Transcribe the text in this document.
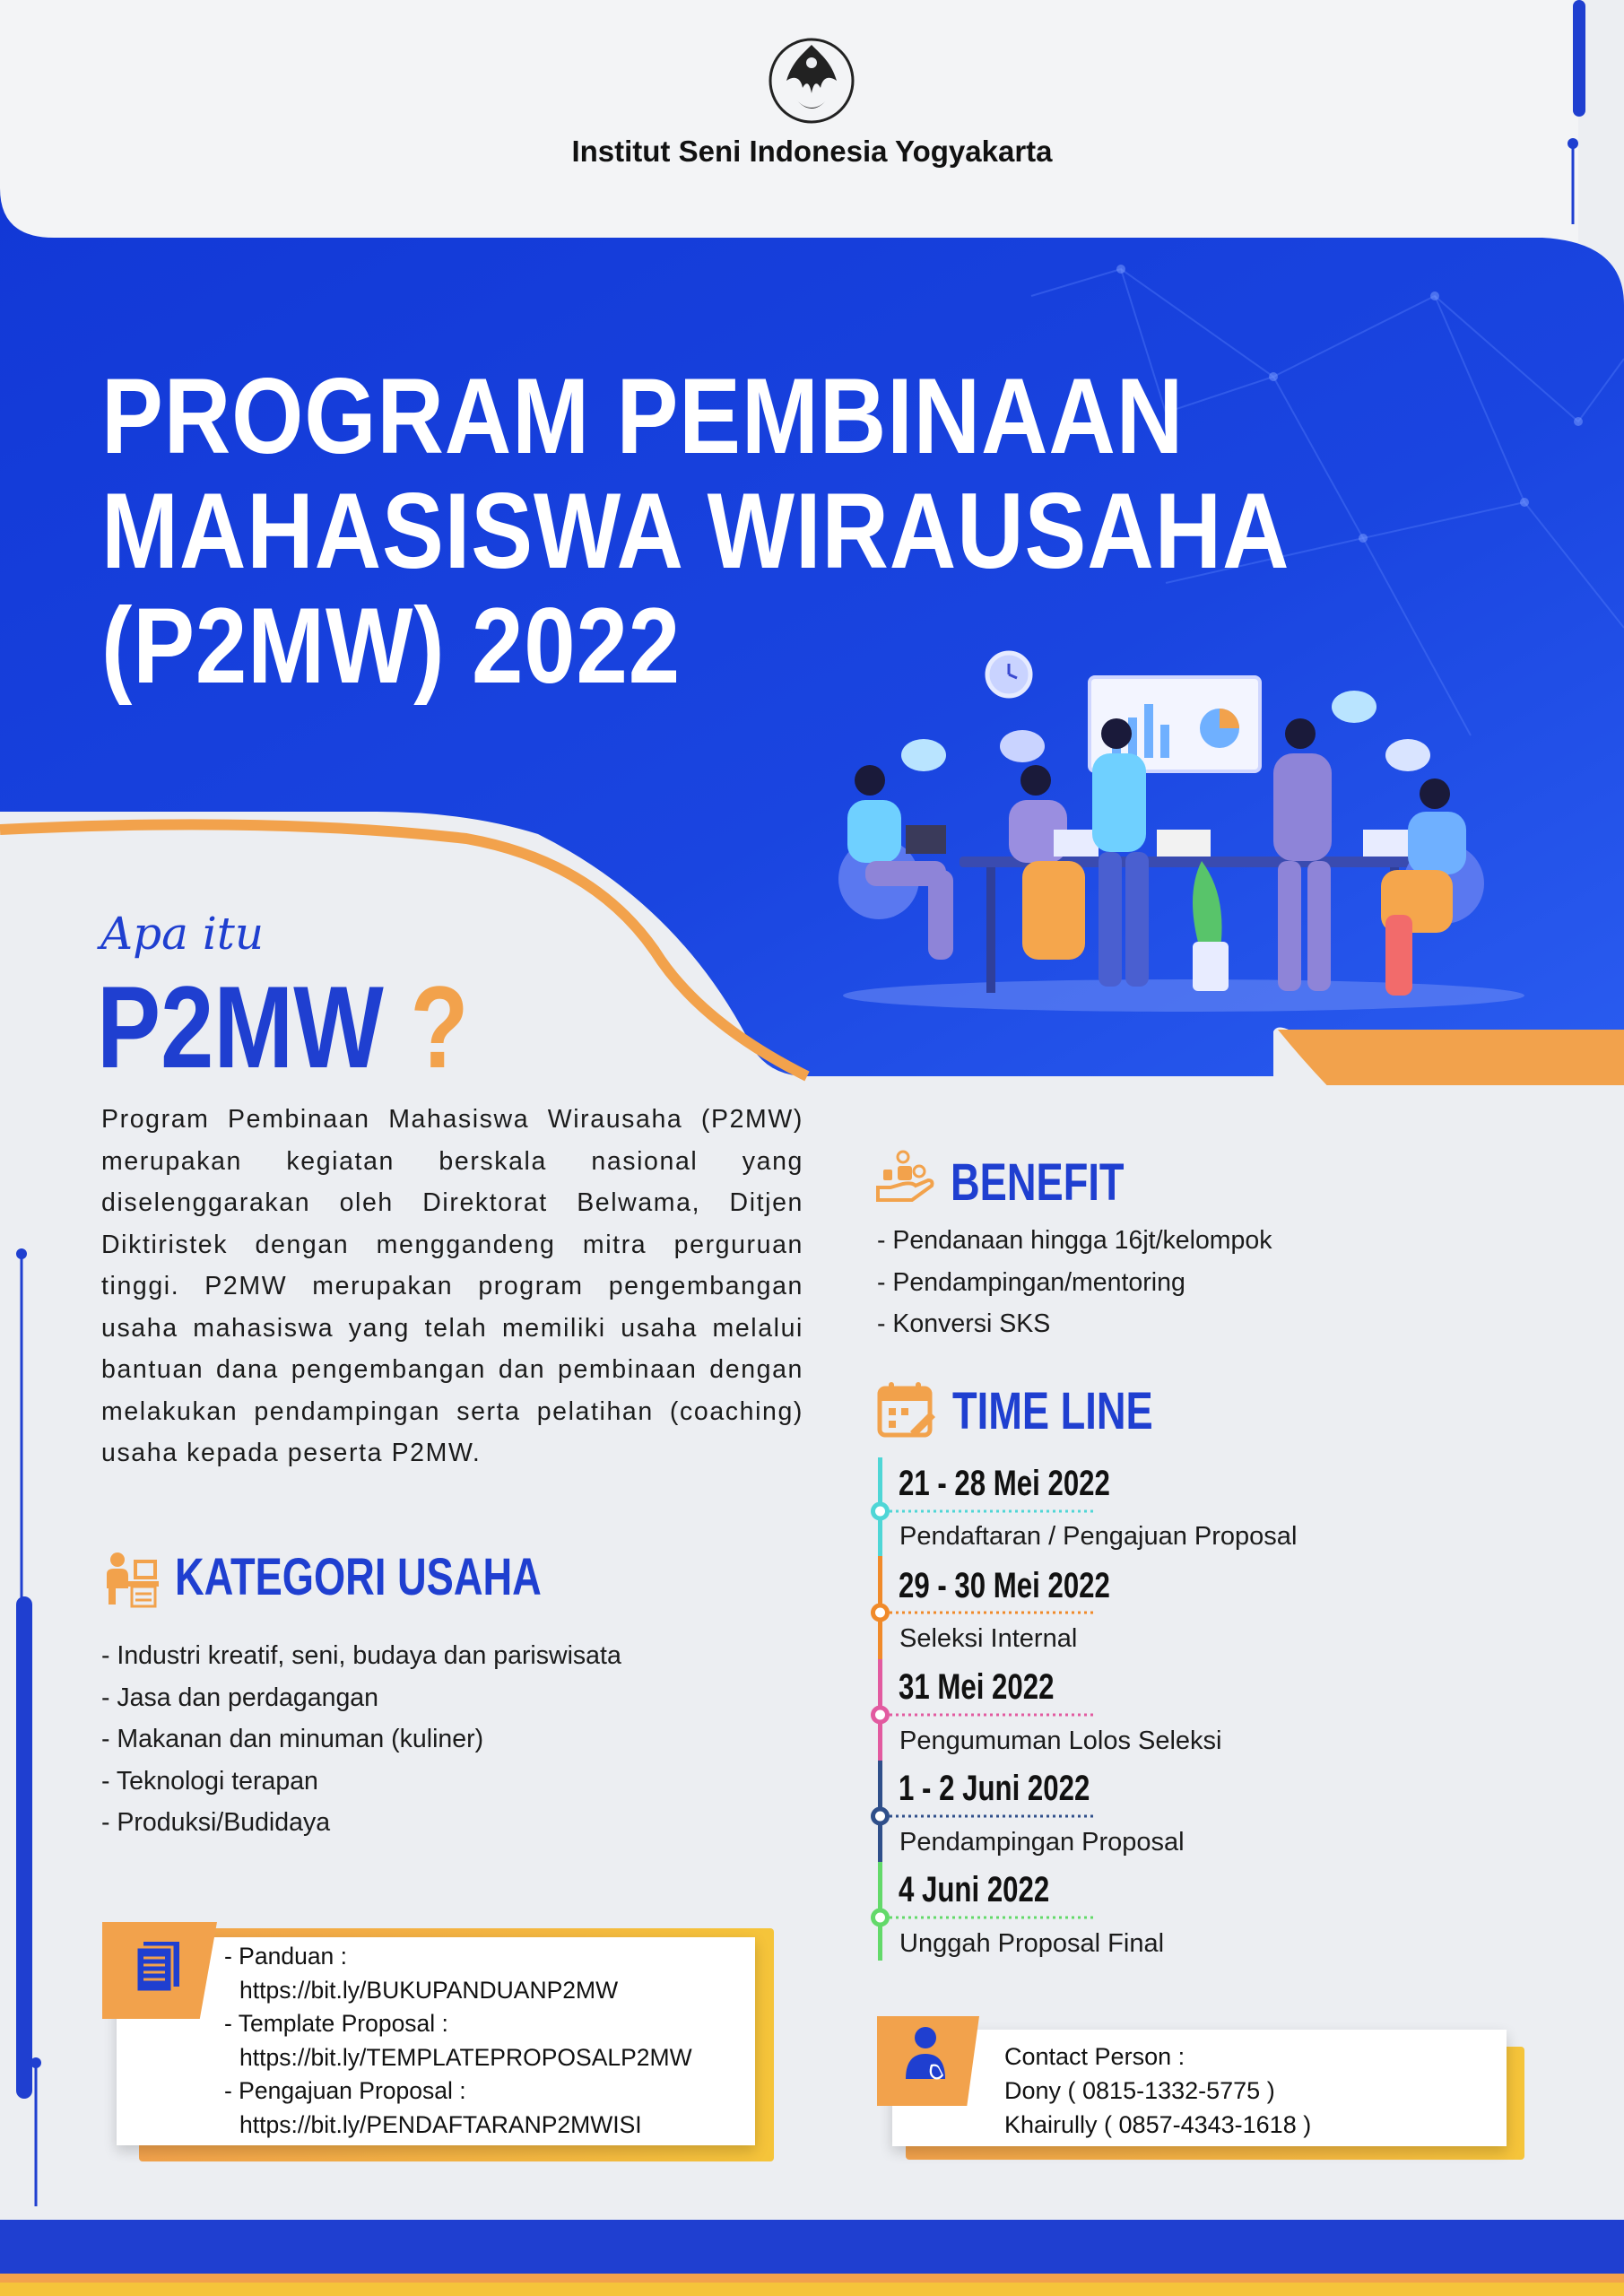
Institut Seni Indonesia Yogyakarta
PROGRAM PEMBINAAN
MAHASISWA WIRAUSAHA
(P2MW) 2022
Apa itu
P2MW ?
Program Pembinaan Mahasiswa Wirausaha (P2MW) merupakan kegiatan berskala nasional yang diselenggarakan oleh Direktorat Belwama, Ditjen Diktiristek dengan menggandeng mitra perguruan tinggi. P2MW merupakan program pengembangan usaha mahasiswa yang telah memiliki usaha melalui bantuan dana pengembangan dan pembinaan dengan melakukan pendampingan serta pelatihan (coaching) usaha kepada peserta P2MW.
KATEGORI USAHA
- Industri kreatif, seni, budaya dan pariswisata
- Jasa dan perdagangan
- Makanan dan minuman (kuliner)
- Teknologi terapan
- Produksi/Budidaya
BENEFIT
- Pendanaan hingga 16jt/kelompok
- Pendampingan/mentoring
- Konversi SKS
TIME LINE
21 - 28 Mei 2022
Pendaftaran / Pengajuan Proposal
29 - 30 Mei 2022
Seleksi Internal
31 Mei 2022
Pengumuman Lolos Seleksi
1 - 2 Juni 2022
Pendampingan Proposal
4 Juni 2022
Unggah Proposal Final
- Panduan :
https://bit.ly/BUKUPANDUANP2MW
- Template Proposal :
https://bit.ly/TEMPLATEPROPOSALP2MW
- Pengajuan Proposal :
https://bit.ly/PENDAFTARANP2MWISI
Contact Person :
Dony ( 0815-1332-5775 )
Khairully ( 0857-4343-1618 )
